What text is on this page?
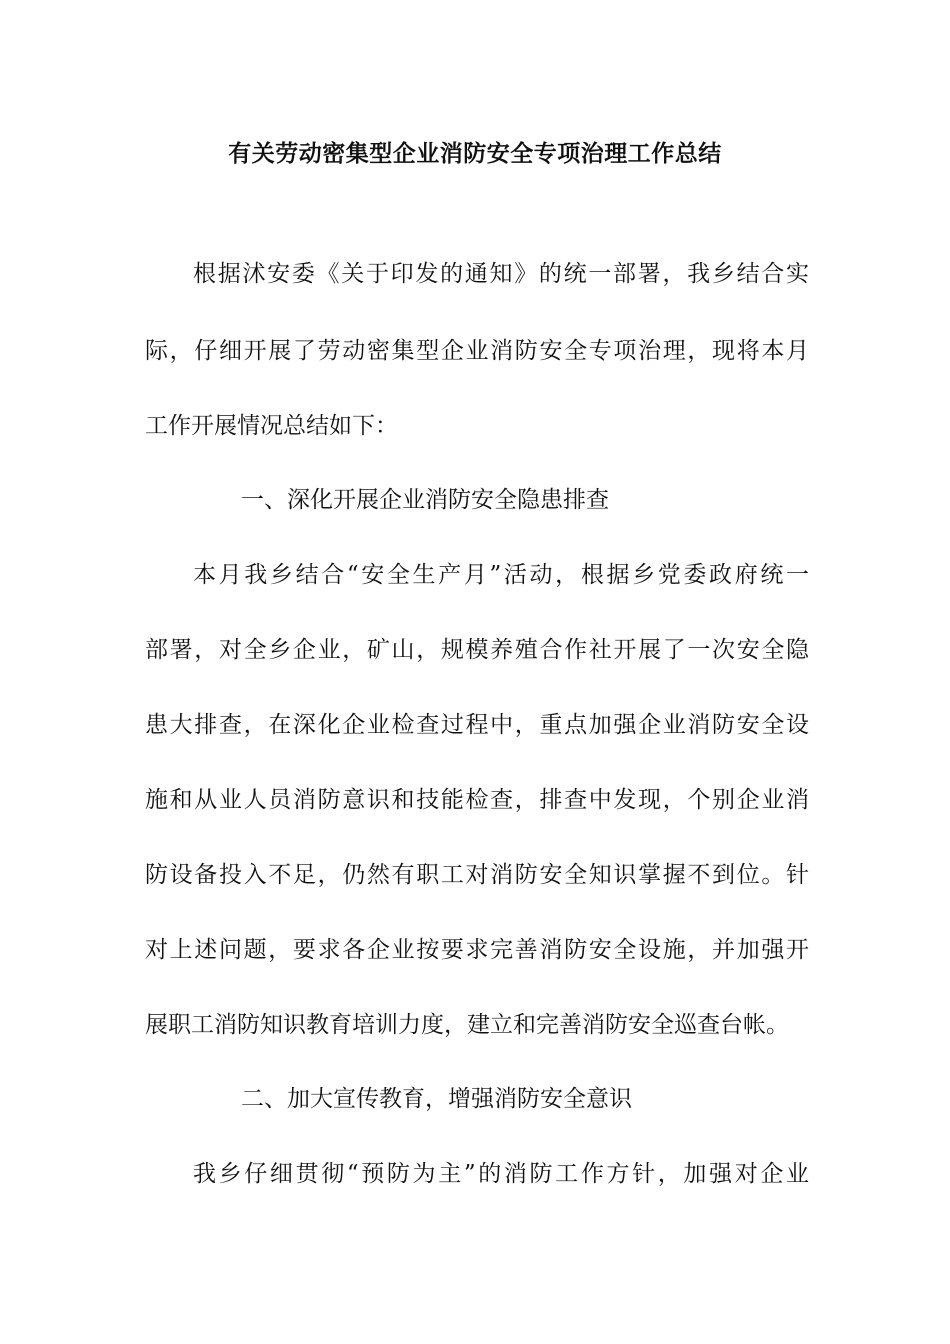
有关劳动密集型企业消防安全专项治理工作总结
根据沭安委《关于印发的通知》的统一部署，我乡结合实
际，仔细开展了劳动密集型企业消防安全专项治理，现将本月
工作开展情况总结如下：
一、深化开展企业消防安全隐患排查
本月我乡结合“安全生产月”活动，根据乡党委政府统一
部署，对全乡企业，矿山，规模养殖合作社开展了一次安全隐
患大排查，在深化企业检查过程中，重点加强企业消防安全设
施和从业人员消防意识和技能检查，排查中发现，个别企业消
防设备投入不足，仍然有职工对消防安全知识掌握不到位。针
对上述问题，要求各企业按要求完善消防安全设施，并加强开
展职工消防知识教育培训力度，建立和完善消防安全巡查台帐。
二、加大宣传教育，增强消防安全意识
我乡仔细贯彻“预防为主”的消防工作方针，加强对企业
